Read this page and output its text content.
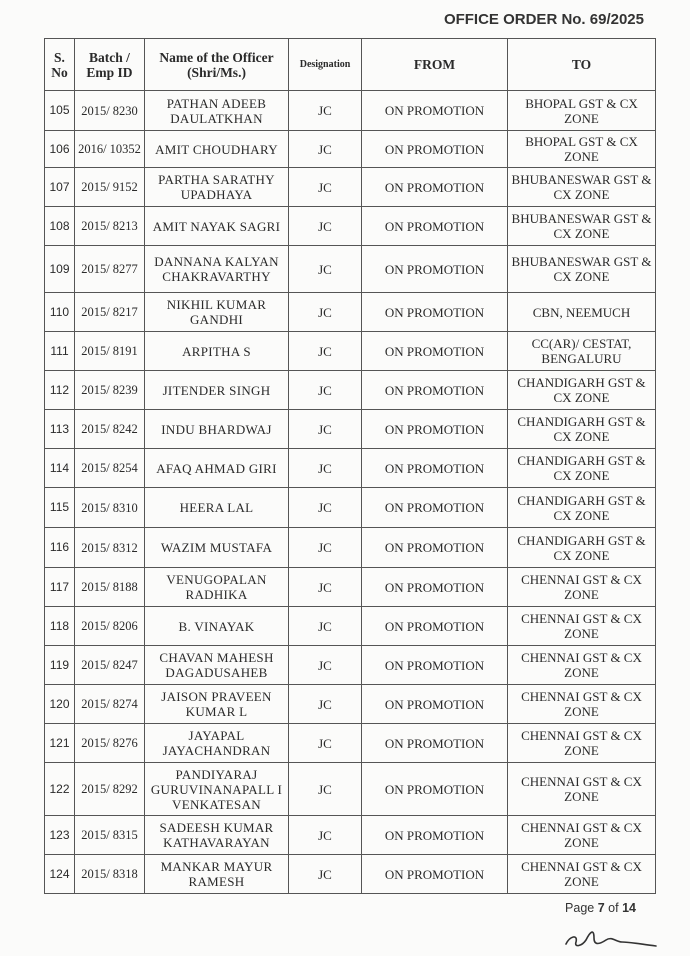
OFFICE ORDER No. 69/2025
S. No	Batch / Emp ID	Name of the Officer (Shri/Ms.)	Designation	FROM	TO
105	2015/ 8230	PATHAN ADEEB DAULATKHAN	JC	ON PROMOTION	BHOPAL GST & CX ZONE
106	2016/ 10352	AMIT CHOUDHARY	JC	ON PROMOTION	BHOPAL GST & CX ZONE
107	2015/ 9152	PARTHA SARATHY UPADHAYA	JC	ON PROMOTION	BHUBANESWAR GST & CX ZONE
108	2015/ 8213	AMIT NAYAK SAGRI	JC	ON PROMOTION	BHUBANESWAR GST & CX ZONE
109	2015/ 8277	DANNANA KALYAN CHAKRAVARTHY	JC	ON PROMOTION	BHUBANESWAR GST & CX ZONE
110	2015/ 8217	NIKHIL KUMAR GANDHI	JC	ON PROMOTION	CBN, NEEMUCH
111	2015/ 8191	ARPITHA S	JC	ON PROMOTION	CC(AR)/ CESTAT, BENGALURU
112	2015/ 8239	JITENDER SINGH	JC	ON PROMOTION	CHANDIGARH GST & CX ZONE
113	2015/ 8242	INDU BHARDWAJ	JC	ON PROMOTION	CHANDIGARH GST & CX ZONE
114	2015/ 8254	AFAQ AHMAD GIRI	JC	ON PROMOTION	CHANDIGARH GST & CX ZONE
115	2015/ 8310	HEERA LAL	JC	ON PROMOTION	CHANDIGARH GST & CX ZONE
116	2015/ 8312	WAZIM MUSTAFA	JC	ON PROMOTION	CHANDIGARH GST & CX ZONE
117	2015/ 8188	VENUGOPALAN RADHIKA	JC	ON PROMOTION	CHENNAI GST & CX ZONE
118	2015/ 8206	B. VINAYAK	JC	ON PROMOTION	CHENNAI GST & CX ZONE
119	2015/ 8247	CHAVAN MAHESH DAGADUSAHEB	JC	ON PROMOTION	CHENNAI GST & CX ZONE
120	2015/ 8274	JAISON PRAVEEN KUMAR L	JC	ON PROMOTION	CHENNAI GST & CX ZONE
121	2015/ 8276	JAYAPAL JAYACHANDRAN	JC	ON PROMOTION	CHENNAI GST & CX ZONE
122	2015/ 8292	PANDIYARAJ GURUVINANAPALL I VENKATESAN	JC	ON PROMOTION	CHENNAI GST & CX ZONE
123	2015/ 8315	SADEESH KUMAR KATHAVARAYAN	JC	ON PROMOTION	CHENNAI GST & CX ZONE
124	2015/ 8318	MANKAR MAYUR RAMESH	JC	ON PROMOTION	CHENNAI GST & CX ZONE
Page 7 of 14
